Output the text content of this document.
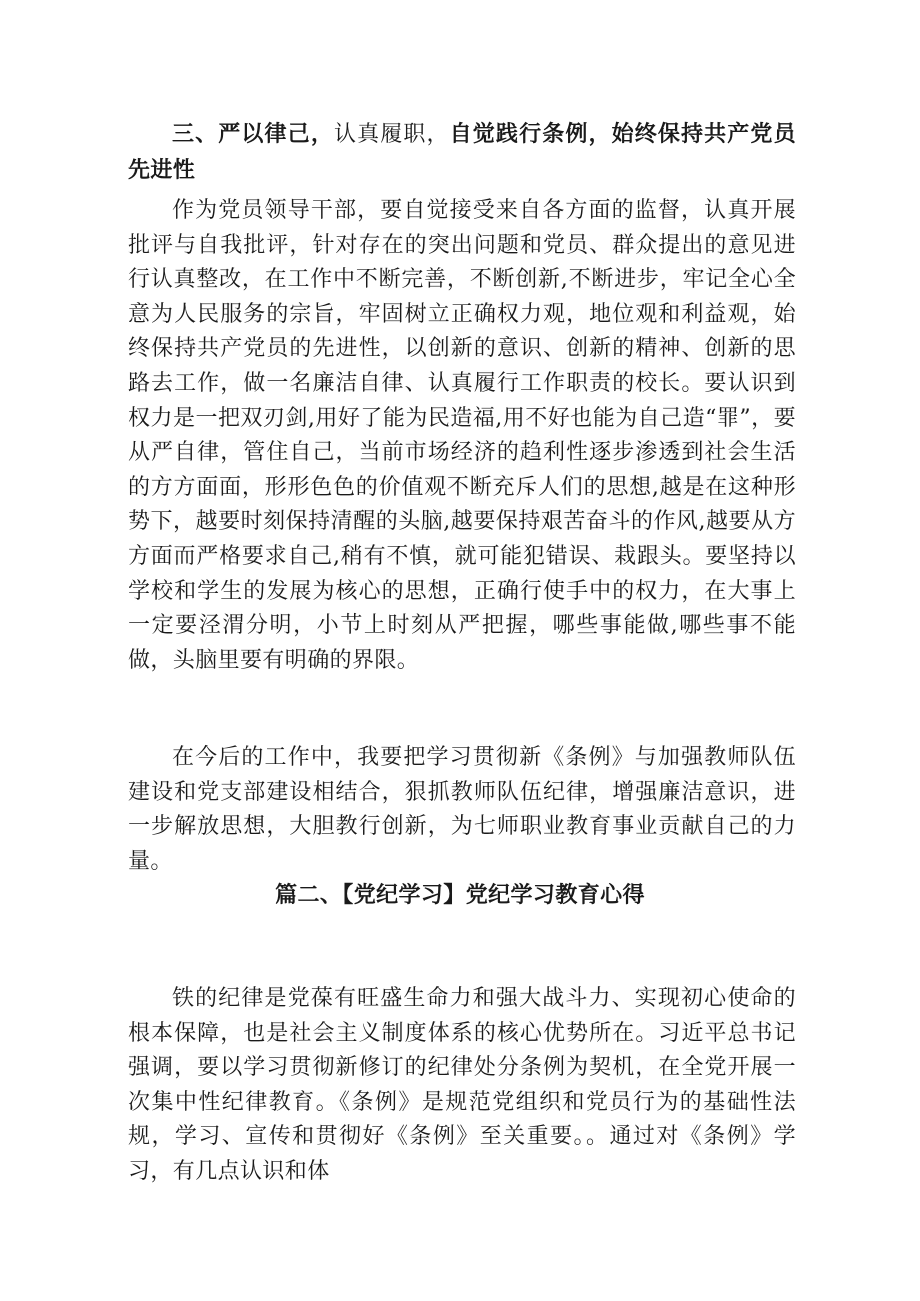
三、严以律己，认真履职，自觉践行条例，始终保持共产党员先进性
作为党员领导干部，要自觉接受来自各方面的监督，认真开展批评与自我批评，针对存在的突出问题和党员、群众提出的意见进行认真整改，在工作中不断完善，不断创新,不断进步，牢记全心全意为人民服务的宗旨，牢固树立正确权力观，地位观和利益观，始终保持共产党员的先进性，以创新的意识、创新的精神、创新的思路去工作，做一名廉洁自律、认真履行工作职责的校长。要认识到权力是一把双刃剑,用好了能为民造福,用不好也能为自己造“罪”，要从严自律，管住自己，当前市场经济的趋利性逐步渗透到社会生活的方方面面，形形色色的价值观不断充斥人们的思想,越是在这种形势下，越要时刻保持清醒的头脑,越要保持艰苦奋斗的作风,越要从方方面而严格要求自己,稍有不慎，就可能犯错误、栽跟头。要坚持以学校和学生的发展为核心的思想，正确行使手中的权力，在大事上一定要泾渭分明，小节上时刻从严把握，哪些事能做,哪些事不能做，头脑里要有明确的界限。
在今后的工作中，我要把学习贯彻新《条例》与加强教师队伍建设和党支部建设相结合，狠抓教师队伍纪律，增强廉洁意识，进一步解放思想，大胆教行创新，为七师职业教育事业贡献自己的力量。
篇二、【党纪学习】党纪学习教育心得
铁的纪律是党葆有旺盛生命力和强大战斗力、实现初心使命的根本保障，也是社会主义制度体系的核心优势所在。习近平总书记强调，要以学习贯彻新修订的纪律处分条例为契机，在全党开展一次集中性纪律教育。《条例》是规范党组织和党员行为的基础性法规，学习、宣传和贯彻好《条例》至关重要。。通过对《条例》学习，有几点认识和体
